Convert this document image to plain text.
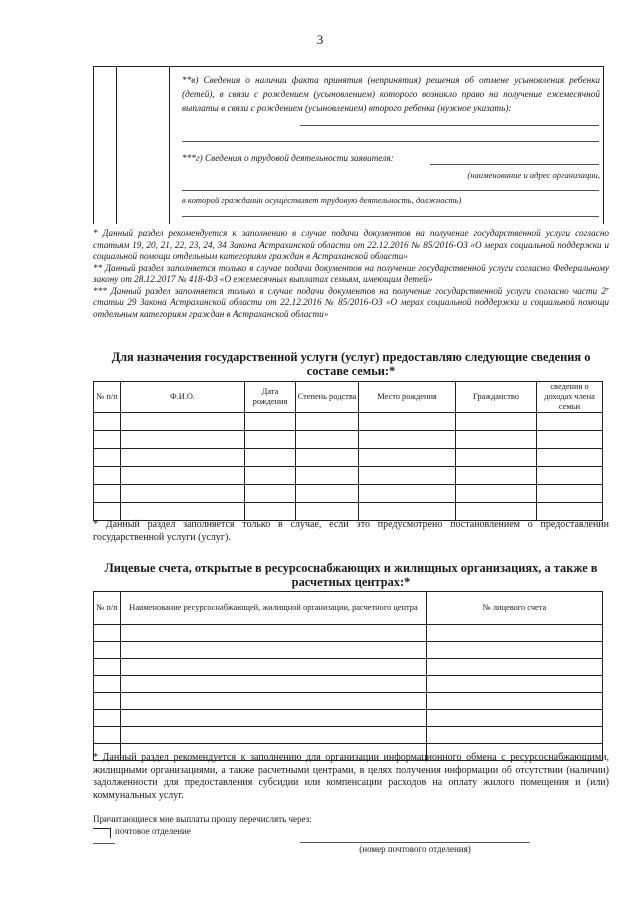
3
**в) Сведения о наличии факта принятия (непринятия) решения об отмене усыновления ребенка (детей), в связи с рождением (усыновлением) которого возникло право на получение ежемесячной выплаты в связи с рождением (усыновлением) второго ребенка (нужное указать):
***г) Сведения о трудовой деятельности заявителя:
(наименование и адрес организации,
в которой гражданин осуществляет трудовую деятельность, должность)
* Данный раздел рекомендуется к заполнению в случае подачи документов на получение государственной услуги согласно статьям 19, 20, 21, 22, 23, 24, 34 Закона Астраханской области от 22.12.2016 № 85/2016-ОЗ «О мерах социальной поддержки и социальной помощи отдельным категориям граждан в Астраханской области»
** Данный раздел заполняется только в случае подачи документов на получение государственной услуги согласно Федеральному закону от 28.12.2017 № 418-ФЗ «О ежемесячных выплатах семьям, имеющим детей»
*** Данный раздел заполняется только в случае подачи документов на получение государственной услуги согласно части 2⁷ статьи 29 Закона Астраханской области от 22.12.2016 № 85/2016-ОЗ «О мерах социальной поддержки и социальной помощи отдельным категориям граждан в Астраханской области»
Для назначения государственной услуги (услуг) предоставляю следующие сведения о составе семьи:*
№ п/п	Ф.И.О.	Дата рождения	Степень родства	Место рождения	Гражданство	сведения о доходах члена семьи

* Данный раздел заполняется только в случае, если это предусмотрено постановлением о предоставлении государственной услуги (услуг).
Лицевые счета, открытые в ресурсоснабжающих и жилищных организациях, а также в расчетных центрах:*
№ п/п	Наименование ресурсоснабжающей, жилищной организации, расчетного центра	№ лицевого счета

* Данный раздел рекомендуется к заполнению для организации информационного обмена с ресурсоснабжающими, жилищными организациями, а также расчетными центрами, в целях получения информации об отсутствии (наличии) задолженности для предоставления субсидии или компенсации расходов на оплату жилого помещения и (или) коммунальных услуг.
Причитающиеся мне выплаты прошу перечислять через:
почтовое отделение
(номер почтового отделения)
